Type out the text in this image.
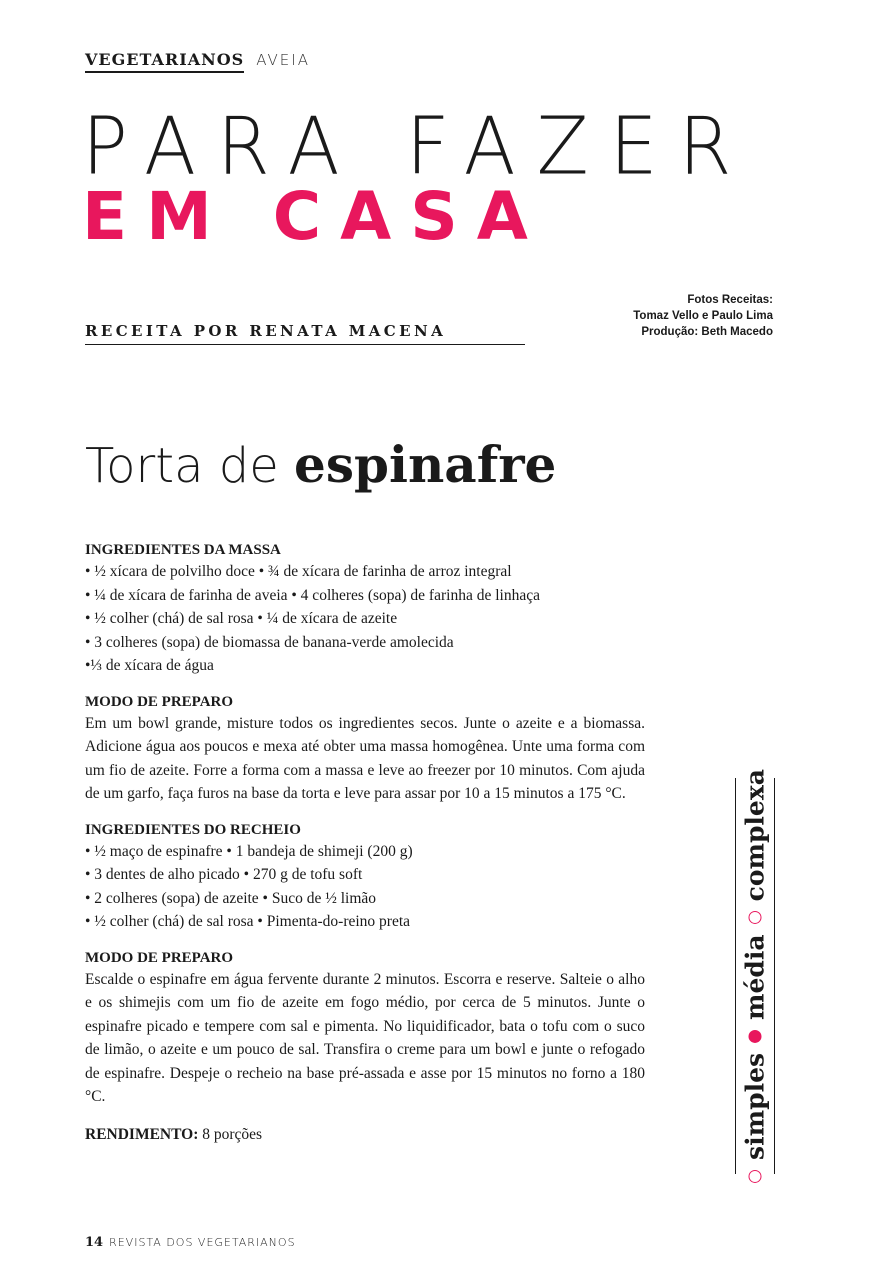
VEGETARIANOS AVEIA
PARA FAZER
EM CASA
RECEITA POR RENATA MACENA
Fotos Receitas:
Tomaz Vello e Paulo Lima
Produção: Beth Macedo
Torta de espinafre
INGREDIENTES DA MASSA
• ½ xícara de polvilho doce • ¾ de xícara de farinha de arroz integral
• ¼ de xícara de farinha de aveia • 4 colheres (sopa) de farinha de linhaça
• ½ colher (chá) de sal rosa • ¼ de xícara de azeite
• 3 colheres (sopa) de biomassa de banana-verde amolecida
•⅓ de xícara de água
MODO DE PREPARO

Em um bowl grande, misture todos os ingredientes secos. Junte o azeite e a biomassa. Adicione água aos poucos e mexa até obter uma massa homogênea. Unte uma forma com um fio de azeite. Forre a forma com a massa e leve ao freezer por 10 minutos. Com ajuda de um garfo, faça furos na base da torta e leve para assar por 10 a 15 minutos a 175 °C.

INGREDIENTES DO RECHEIO
• ½ maço de espinafre • 1 bandeja de shimeji (200 g)
• 3 dentes de alho picado • 270 g de tofu soft
• 2 colheres (sopa) de azeite • Suco de ½ limão
• ½ colher (chá) de sal rosa • Pimenta-do-reino preta
MODO DE PREPARO

Escalde o espinafre em água fervente durante 2 minutos. Escorra e reserve. Salteie o alho e os shimejis com um fio de azeite em fogo médio, por cerca de 5 minutos. Junte o espinafre picado e tempere com sal e pimenta. No liquidificador, bata o tofu com o suco de limão, o azeite e um pouco de sal. Transfira o creme para um bowl e junte o refogado de espinafre. Despeje o recheio na base pré-assada e asse por 15 minutos no forno a 180 °C.

RENDIMENTO: 8 porções	simples
média
complexa
14 REVISTA DOS VEGETARIANOS
